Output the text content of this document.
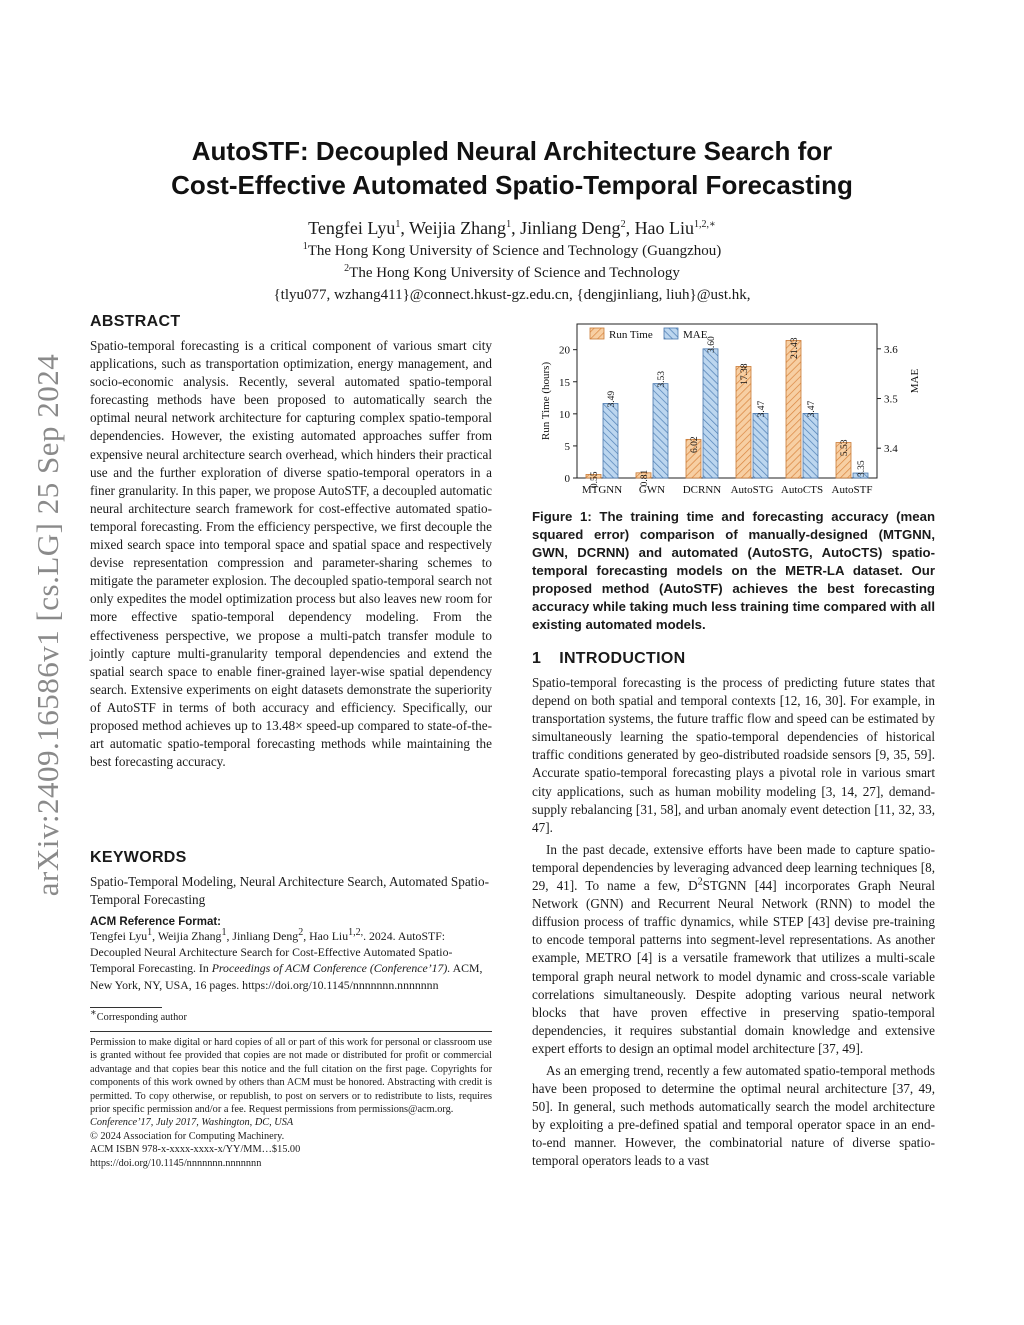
arXiv:2409.16586v1 [cs.LG] 25 Sep 2024
AutoSTF: Decoupled Neural Architecture Search for
Cost-Effective Automated Spatio-Temporal Forecasting
Tengfei Lyu$^1$, Weijia Zhang$^1$, Jinliang Deng$^2$, Hao Liu$^{1,2,∗}$
$^1$The Hong Kong University of Science and Technology (Guangzhou)
$^2$The Hong Kong University of Science and Technology
{tlyu077, wzhang411}@connect.hkust-gz.edu.cn, {dengjinliang, liuh}@ust.hk,
ABSTRACT

Spatio-temporal forecasting is a critical component of various smart city applications, such as transportation optimization, energy management, and socio-economic analysis. Recently, several automated spatio-temporal forecasting methods have been proposed to automatically search the optimal neural network architecture for capturing complex spatio-temporal dependencies. However, the existing automated approaches suffer from expensive neural architecture search overhead, which hinders their practical use and the further exploration of diverse spatio-temporal operators in a finer granularity. In this paper, we propose AutoSTF, a decoupled automatic neural architecture search framework for cost-effective automated spatio-temporal forecasting. From the efficiency perspective, we first decouple the mixed search space into temporal space and spatial space and respectively devise representation compression and parameter-sharing schemes to mitigate the parameter explosion. The decoupled spatio-temporal search not only expedites the model optimization process but also leaves new room for more effective spatio-temporal dependency modeling. From the effectiveness perspective, we propose a multi-patch transfer module to jointly capture multi-granularity temporal dependencies and extend the spatial search space to enable finer-grained layer-wise spatial dependency search. Extensive experiments on eight datasets demonstrate the superiority of AutoSTF in terms of both accuracy and efficiency. Specifically, our proposed method achieves up to 13.48× speed-up compared to state-of-the-art automatic spatio-temporal forecasting methods while maintaining the best forecasting accuracy.

KEYWORDS

Spatio-Temporal Modeling, Neural Architecture Search, Automated Spatio-Temporal Forecasting

ACM Reference Format:
Tengfei Lyu$^1$, Weijia Zhang$^1$, Jinliang Deng$^2$, Hao Liu$^{1,2,}$. 2024. AutoSTF: Decoupled Neural Architecture Search for Cost-Effective Automated Spatio-Temporal Forecasting. In Proceedings of ACM Conference (Conference’17). ACM, New York, NY, USA, 16 pages. https://doi.org/10.1145/nnnnnnn.nnnnnnn
∗Corresponding author
Permission to make digital or hard copies of all or part of this work for personal or classroom use is granted without fee provided that copies are not made or distributed for profit or commercial advantage and that copies bear this notice and the full citation on the first page. Copyrights for components of this work owned by others than ACM must be honored. Abstracting with credit is permitted. To copy otherwise, or republish, to post on servers or to redistribute to lists, requires prior specific permission and/or a fee. Request permissions from permissions@acm.org.
Conference’17, July 2017, Washington, DC, USA
© 2024 Association for Computing Machinery.
ACM ISBN 978-x-xxxx-xxxx-x/YY/MM…$15.00
https://doi.org/10.1145/nnnnnnn.nnnnnnn
0
5
10
15
20
3.4
3.5
3.6
Run Time (hours)	MAE
0.55
3.49
MTGNN
0.81
3.53
GWN
6.02
3.60
DCRNN
17.38
3.47
AutoSTG
21.43
3.47
AutoCTS
5.53
3.35
AutoSTF
Run Time	MAE
Figure 1: The training time and forecasting accuracy (mean squared error) comparison of manually-designed (MTGNN, GWN, DCRNN) and automated (AutoSTG, AutoCTS) spatio-temporal forecasting models on the METR-LA dataset. Our proposed method (AutoSTF) achieves the best forecasting accuracy while taking much less training time compared with all existing automated models.
1 INTRODUCTION

Spatio-temporal forecasting is the process of predicting future states that depend on both spatial and temporal contexts [12, 16, 30]. For example, in transportation systems, the future traffic flow and speed can be estimated by simultaneously learning the spatio-temporal dependencies of historical traffic conditions generated by geo-distributed roadside sensors [9, 35, 59]. Accurate spatio-temporal forecasting plays a pivotal role in various smart city applications, such as human mobility modeling [3, 14, 27], demand-supply rebalancing [31, 58], and urban anomaly event detection [11, 32, 33, 47].

In the past decade, extensive efforts have been made to capture spatio-temporal dependencies by leveraging advanced deep learning techniques [8, 29, 41]. To name a few, $D^2STGNN$ [44] incorporates Graph Neural Network (GNN) and Recurrent Neural Network (RNN) to model the diffusion process of traffic dynamics, while STEP [43] devise pre-training to encode temporal patterns into segment-level representations. As another example, METRO [4] is a versatile framework that utilizes a multi-scale temporal graph neural network to model dynamic and cross-scale variable correlations simultaneously. Despite adopting various neural network blocks that have proven effective in preserving spatio-temporal dependencies, it requires substantial domain knowledge and extensive expert efforts to design an optimal model architecture [37, 49].

As an emerging trend, recently a few automated spatio-temporal methods have been proposed to determine the optimal neural architecture [37, 49, 50]. In general, such methods automatically search the model architecture by exploiting a pre-defined spatial and temporal operator space in an end-to-end manner. However, the combinatorial nature of diverse spatio-temporal operators leads to a vast
